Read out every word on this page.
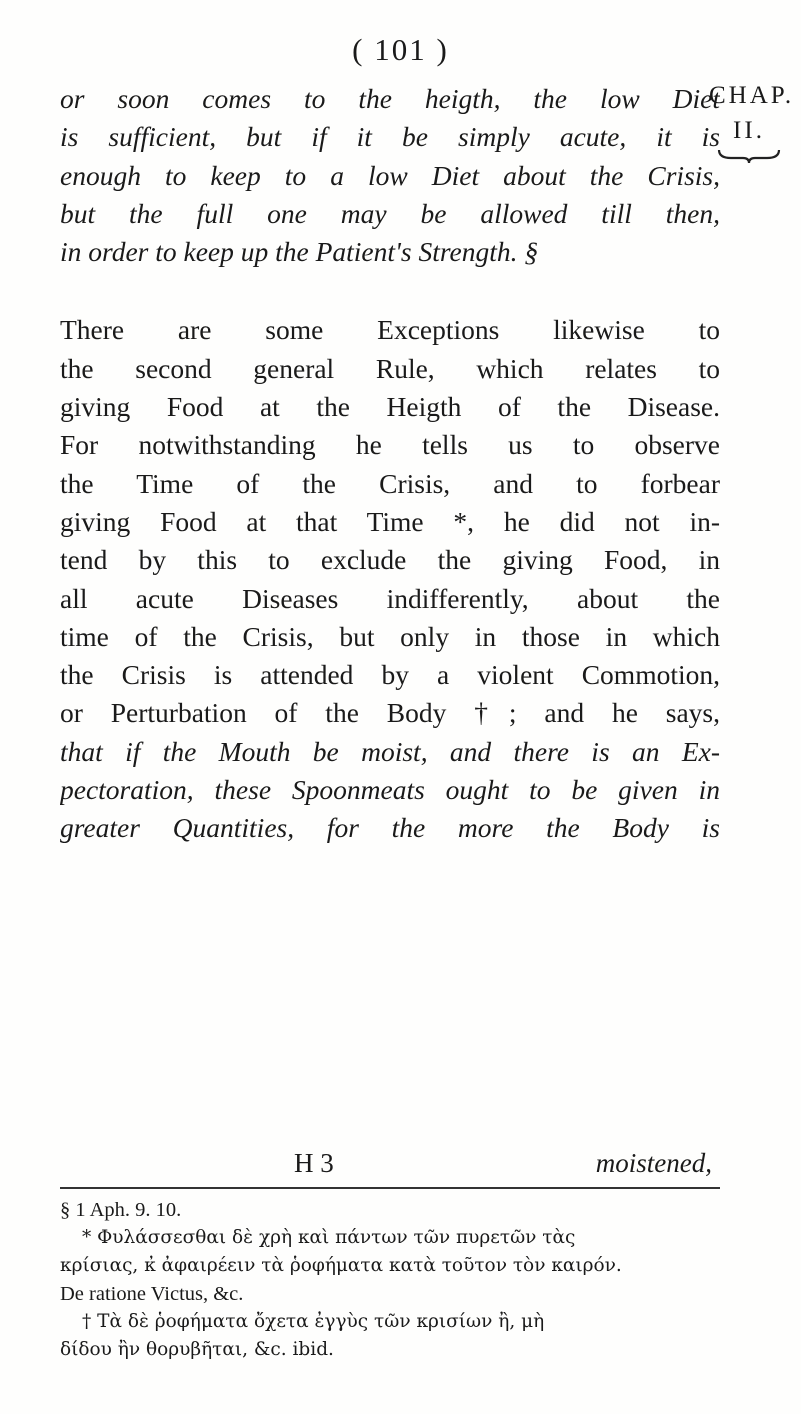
( 101 )
CHAP.
II.
or soon comes to the heigth, the low Diet
is sufficient, but if it be simply acute, it is
enough to keep to a low Diet about the Crisis,
but the full one may be allowed till then,
in order to keep up the Patient's Strength. §
There are some Exceptions likewise to
the second general Rule, which relates to
giving Food at the Heigth of the Disease.
For notwithstanding he tells us to observe
the Time of the Crisis, and to forbear
giving Food at that Time *, he did not in-
tend by this to exclude the giving Food, in
all acute Diseases indifferently, about the
time of the Crisis, but only in those in which
the Crisis is attended by a violent Commotion,
or Perturbation of the Body †; and he says,
that if the Mouth be moist, and there is an Ex-
pectoration, these Spoonmeats ought to be given in
greater Quantities, for the more the Body is
H 3	moistened,
§ 1 Aph. 9. 10.
* Φυλάσσεσθαι δὲ χρὴ καὶ πάντων τῶν πυρετῶν τὰς
κρίσιας, κ̓ ἀφαιρέειν τὰ ῥοφήματα κατὰ τοῦτον τὸν καιρόν.
De ratione Victus, &c.
† Τὰ δὲ ῥοφήματα ὄχετα ἐγγὺς τῶν κρισίων ἢ, μὴ
δίδου ἢν θορυβῆται, &c. ibid.
